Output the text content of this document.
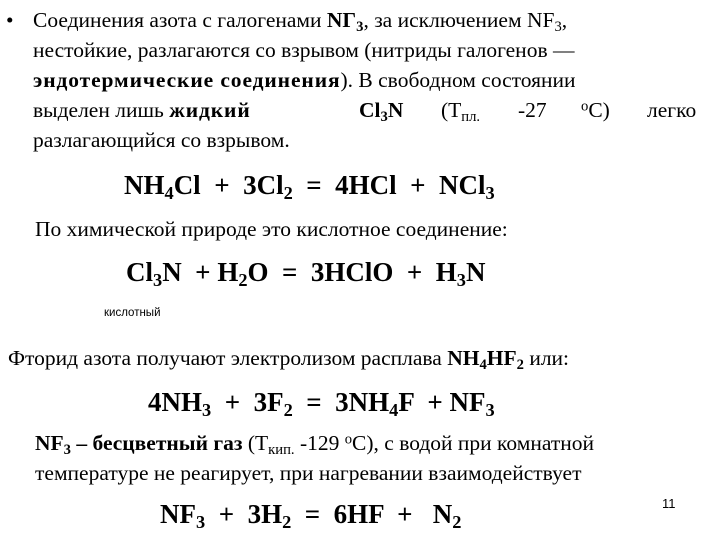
• Соединения азота с галогенами $NГ_3$, за исключением $NF_3$,
нестойкие, разлагаются со взрывом (нитриды галогенов —
эндотермические соединения). В свободном состоянии
выделен лишь жидкий	$Cl_3N$ ($Т_{пл.}$ -27 $^о$С) легко
разлагающийся со взрывом.
$NH_4Cl + 3Cl_2 = 4HCl + NCl_3$
По химической природе это кислотное соединение:
$Cl_3N + H_2O$  =  3HClO  +  $H_3N$
кислотный
Фторид азота получают электролизом расплава $NH_4HF_2$ или:
$4NH_3 + 3F_2 = 3NH_4F + NF_3$
$NF_3$ – бесцветный газ ($Т_{кип.}$ -129 $^о$С), с водой при комнатной
температуре не реагирует, при нагревании взаимодействует
$NF_3 + 3H_2 = 6HF + N_2$
11
